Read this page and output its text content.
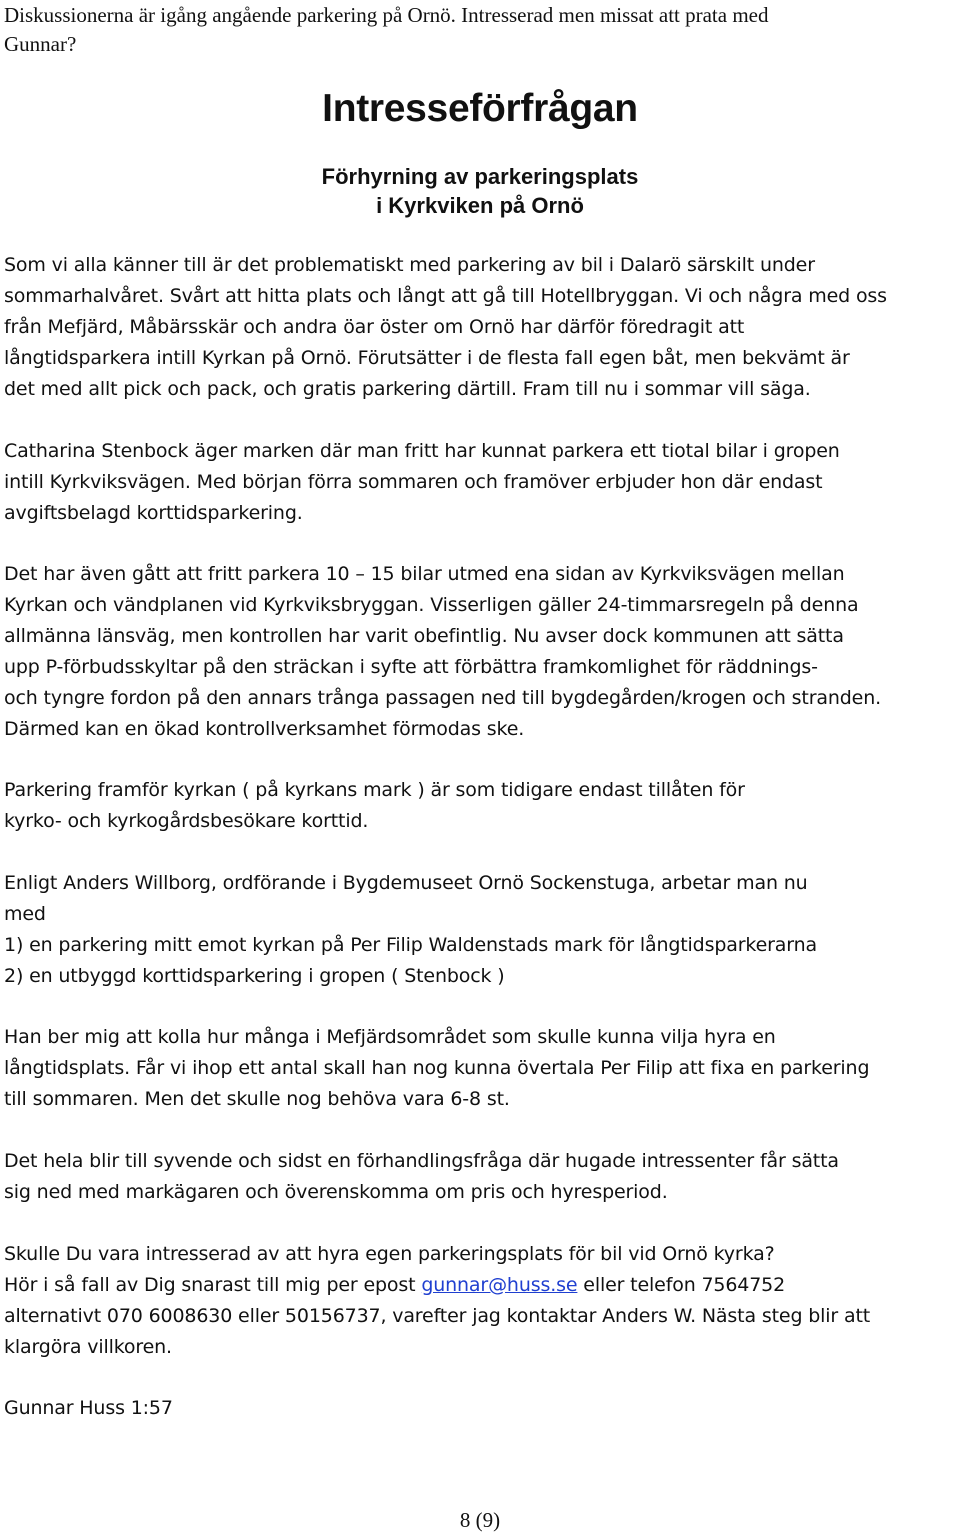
Diskussionerna är igång angående parkering på Ornö. Intresserad men missat att prata med
Gunnar?
Intresseförfrågan
Förhyrning av parkeringsplats
i Kyrkviken på Ornö
Som vi alla känner till är det problematiskt med parkering av bil i Dalarö särskilt under
sommarhalvåret. Svårt att hitta plats och långt att gå till Hotellbryggan. Vi och några med oss
från Mefjärd, Måbärsskär och andra öar öster om Ornö har därför föredragit att
långtidsparkera intill Kyrkan på Ornö. Förutsätter i de flesta fall egen båt, men bekvämt är
det med allt pick och pack, och gratis parkering därtill. Fram till nu i sommar vill säga.
Catharina Stenbock äger marken där man fritt har kunnat parkera ett tiotal bilar i gropen
intill Kyrkviksvägen. Med början förra sommaren och framöver erbjuder hon där endast
avgiftsbelagd korttidsparkering.
Det har även gått att fritt parkera 10 – 15 bilar utmed ena sidan av Kyrkviksvägen mellan
Kyrkan och vändplanen vid Kyrkviksbryggan. Visserligen gäller 24-timmarsregeln på denna
allmänna länsväg, men kontrollen har varit obefintlig. Nu avser dock kommunen att sätta
upp P-förbudsskyltar på den sträckan i syfte att förbättra framkomlighet för räddnings-
och tyngre fordon på den annars trånga passagen ned till bygdegården/krogen och stranden.
Därmed kan en ökad kontrollverksamhet förmodas ske.
Parkering framför kyrkan ( på kyrkans mark ) är som tidigare endast tillåten för
kyrko- och kyrkogårdsbesökare korttid.
Enligt Anders Willborg, ordförande i Bygdemuseet Ornö Sockenstuga, arbetar man nu
med
1) en parkering mitt emot kyrkan på Per Filip Waldenstads mark för långtidsparkerarna
2) en utbyggd korttidsparkering i gropen ( Stenbock )
Han ber mig att kolla hur många i Mefjärdsområdet som skulle kunna vilja hyra en
långtidsplats. Får vi ihop ett antal skall han nog kunna övertala Per Filip att fixa en parkering
till sommaren. Men det skulle nog behöva vara 6-8 st.
Det hela blir till syvende och sidst en förhandlingsfråga där hugade intressenter får sätta
sig ned med markägaren och överenskomma om pris och hyresperiod.
Skulle Du vara intresserad av att hyra egen parkeringsplats för bil vid Ornö kyrka?
Hör i så fall av Dig snarast till mig per epost gunnar@huss.se eller telefon 7564752
alternativt 070 6008630 eller 50156737, varefter jag kontaktar Anders W. Nästa steg blir att
klargöra villkoren.
Gunnar Huss 1:57
8 (9)
